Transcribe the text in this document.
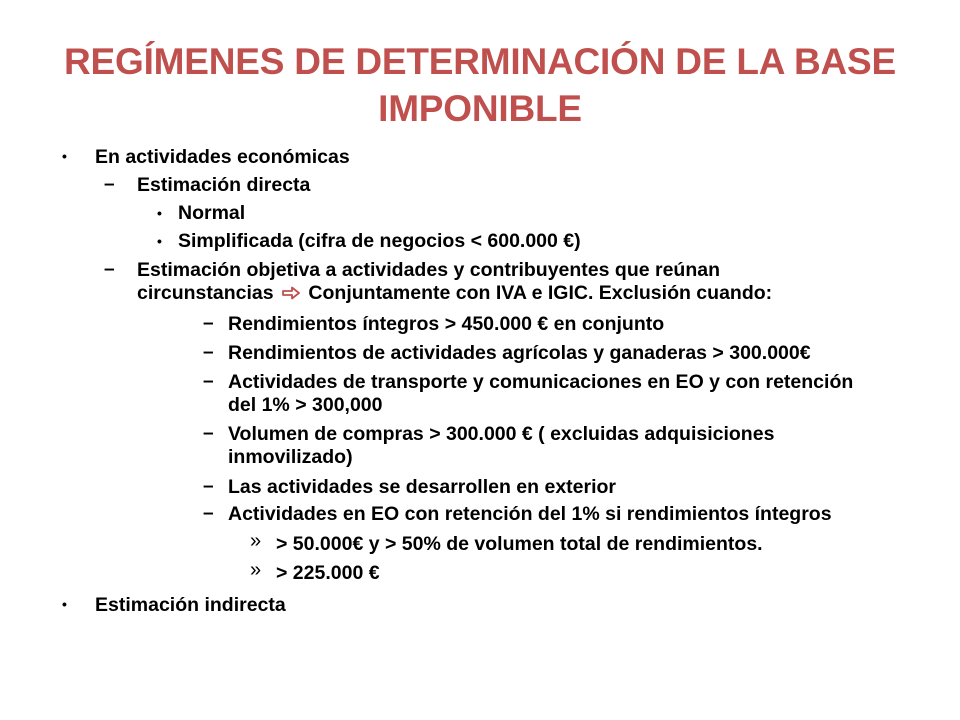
REGÍMENES DE DETERMINACIÓN DE LA BASE
IMPONIBLE
• En actividades económicas
– Estimación directa
• Normal
• Simplificada (cifra de negocios < 600.000 €)
– Estimación objetiva a actividades y contribuyentes que reúnan
circunstancias Conjuntamente con IVA e IGIC. Exclusión cuando:
– Rendimientos íntegros > 450.000 € en conjunto
– Rendimientos de actividades agrícolas y ganaderas > 300.000€
– Actividades de transporte y comunicaciones en EO y con retención
del 1% > 300,000
– Volumen de compras > 300.000 € ( excluidas adquisiciones
inmovilizado)
– Las actividades se desarrollen en exterior
– Actividades en EO con retención del 1% si rendimientos íntegros
» > 50.000€ y > 50% de volumen total de rendimientos.
» > 225.000 €
• Estimación indirecta
